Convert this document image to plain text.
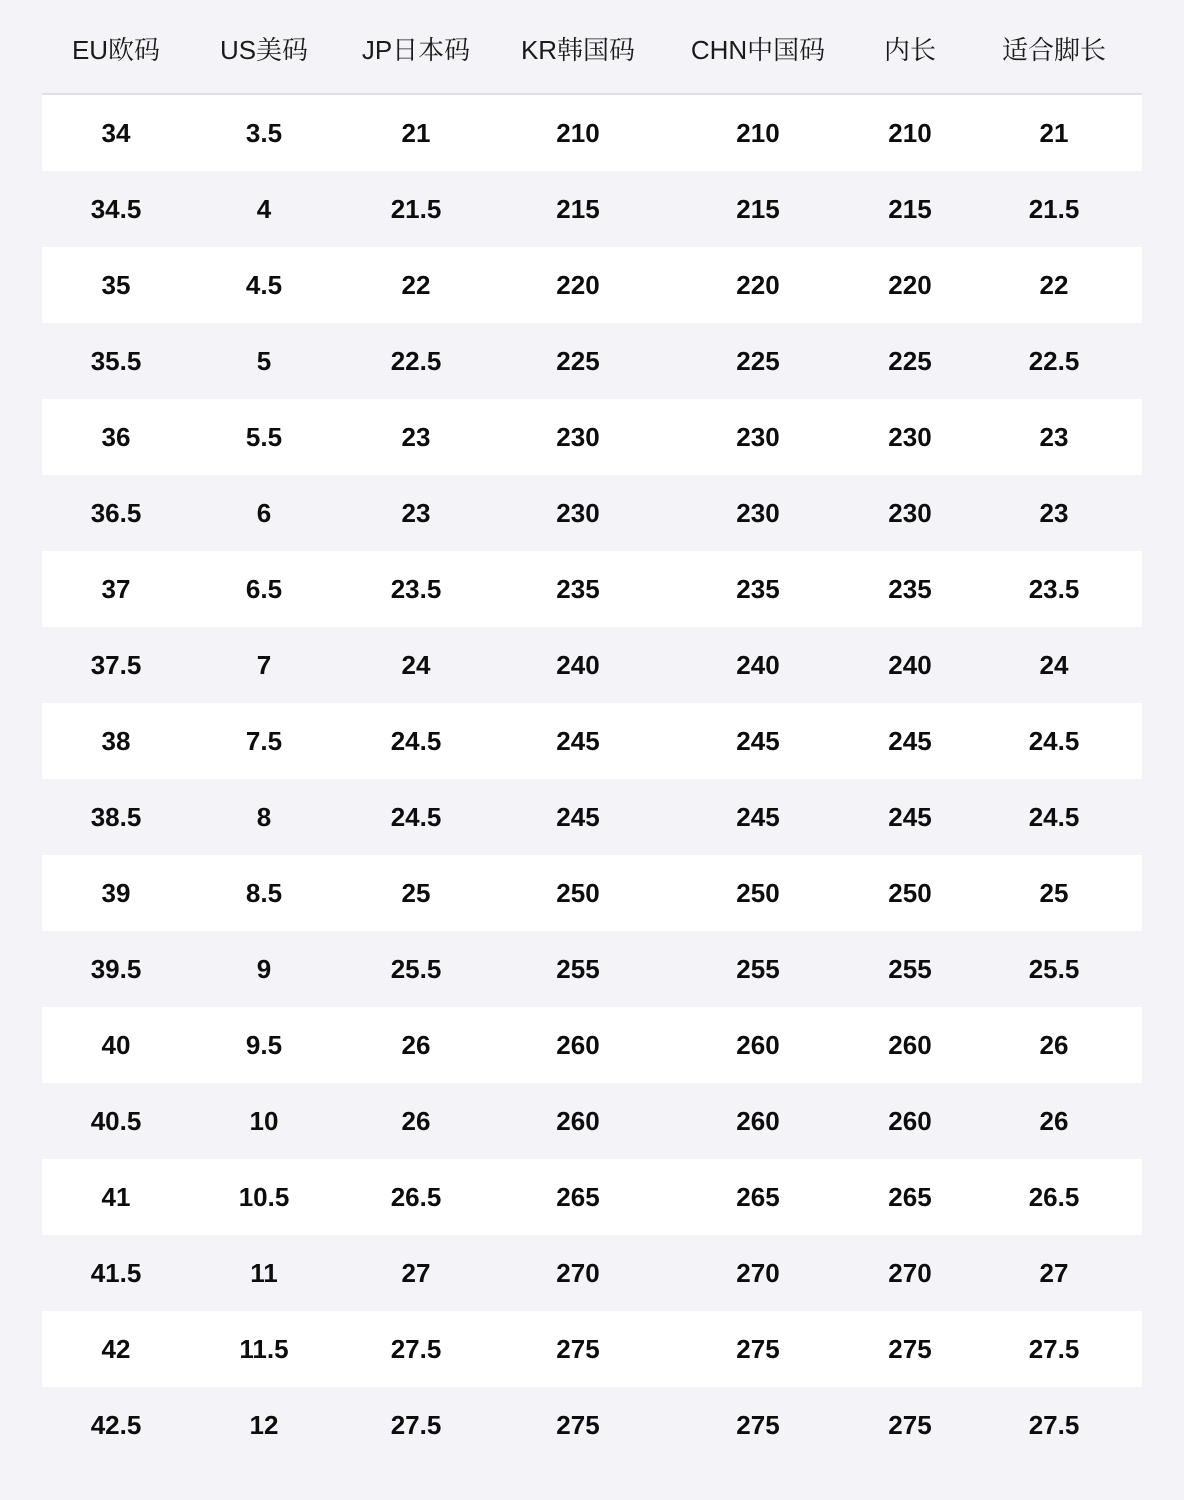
EU欧码	US美码	JP日本码	KR韩国码	CHN中国码	内长	适合脚长
34	3.5	21	210	210	210	21
34.5	4	21.5	215	215	215	21.5
35	4.5	22	220	220	220	22
35.5	5	22.5	225	225	225	22.5
36	5.5	23	230	230	230	23
36.5	6	23	230	230	230	23
37	6.5	23.5	235	235	235	23.5
37.5	7	24	240	240	240	24
38	7.5	24.5	245	245	245	24.5
38.5	8	24.5	245	245	245	24.5
39	8.5	25	250	250	250	25
39.5	9	25.5	255	255	255	25.5
40	9.5	26	260	260	260	26
40.5	10	26	260	260	260	26
41	10.5	26.5	265	265	265	26.5
41.5	11	27	270	270	270	27
42	11.5	27.5	275	275	275	27.5
42.5	12	27.5	275	275	275	27.5
